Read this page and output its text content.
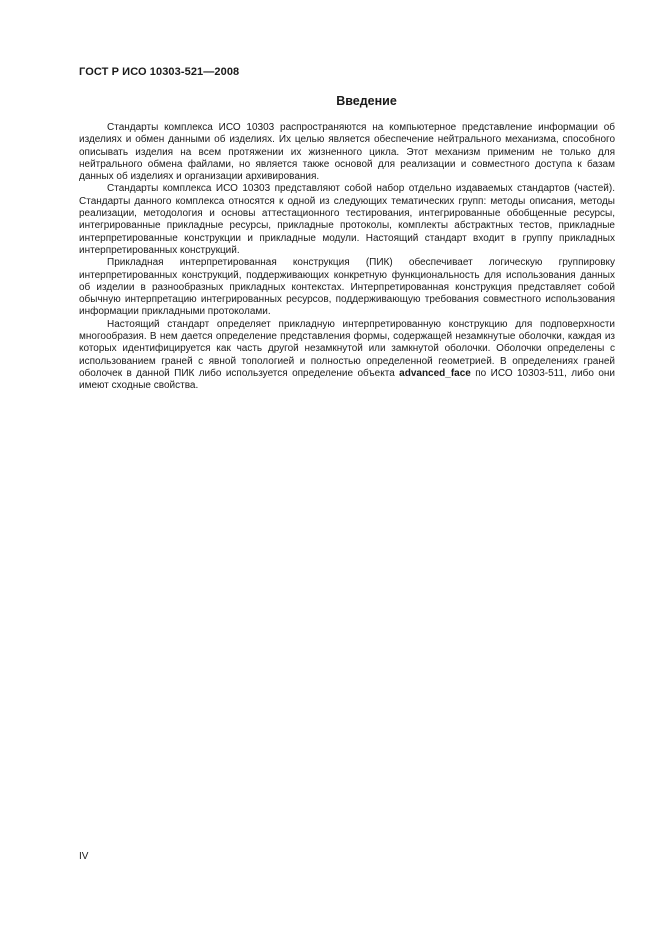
ГОСТ Р ИСО 10303-521—2008
Введение

Стандарты комплекса ИСО 10303 распространяются на компьютерное представление информации об изделиях и обмен данными об изделиях. Их целью является обеспечение нейтрального механизма, способного описывать изделия на всем протяжении их жизненного цикла. Этот механизм применим не только для нейтрального обмена файлами, но является также основой для реализации и совместного доступа к базам данных об изделиях и организации архивирования.

Стандарты комплекса ИСО 10303 представляют собой набор отдельно издаваемых стандартов (частей). Стандарты данного комплекса относятся к одной из следующих тематических групп: методы описания, методы реализации, методология и основы аттестационного тестирования, интегрированные обобщенные ресурсы, интегрированные прикладные ресурсы, прикладные протоколы, комплекты абстрактных тестов, прикладные интерпретированные конструкции и прикладные модули. Настоящий стандарт входит в группу прикладных интерпретированных конструкций.

Прикладная интерпретированная конструкция (ПИК) обеспечивает логическую группировку интерпретированных конструкций, поддерживающих конкретную функциональность для использования данных об изделии в разнообразных прикладных контекстах. Интерпретированная конструкция представляет собой обычную интерпретацию интегрированных ресурсов, поддерживающую требования совместного использования информации прикладными протоколами.

Настоящий стандарт определяет прикладную интерпретированную конструкцию для подповерхности многообразия. В нем дается определение представления формы, содержащей незамкнутые оболочки, каждая из которых идентифицируется как часть другой незамкнутой или замкнутой оболочки. Оболочки определены с использованием граней с явной топологией и полностью определенной геометрией. В определениях граней оболочек в данной ПИК либо используется определение объекта advanced_face по ИСО 10303-511, либо они имеют сходные свойства.

IV
